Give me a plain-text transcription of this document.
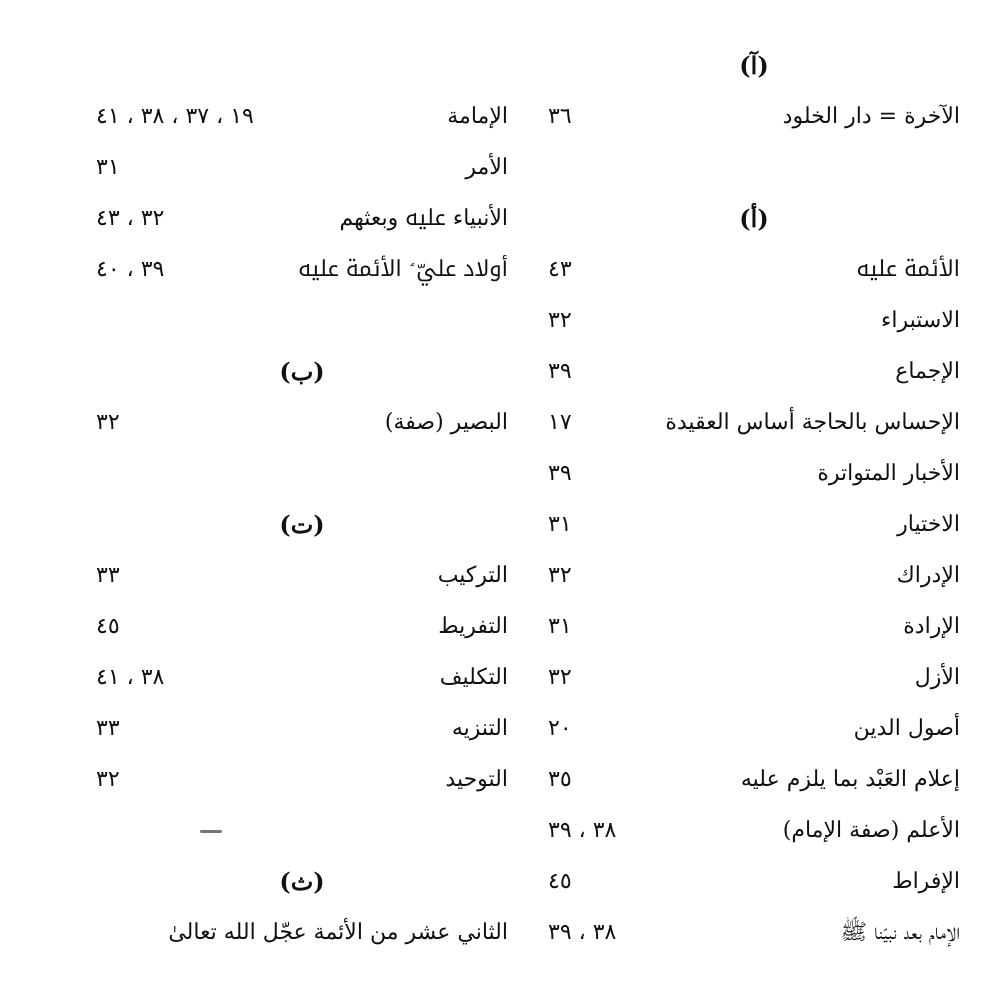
(آ)
الآخرة = دار الخلود
٣٦
(أ)
الأئمة ﷷ
٤٣
الاستبراء
٣٢
الإجماع
٣٩
الإحساس بالحاجة أساس العقيدة
١٧
الأخبار المتواترة
٣٩
الاختيار
٣١
الإدراك
٣٢
الإرادة
٣١
الأزل
٣٢
أصول الدين
٢٠
إعلام العَبْد بما يلزم عليه
٣٥
الأعلم (صفة الإمام)
٣٨ ، ٣٩
الإفراط
٤٥
الإمام بعد نبيّنا ﷺ
٣٨ ، ٣٩
الإمامة
١٩ ، ٣٧ ، ٣٨ ، ٤١
الأمر
٣١
الأنبياء ﷷ وبعثهم
٣٢ ، ٤٣
أولاد عليّ ؑ الأئمة ﷷ
٣٩ ، ٤٠
(ب)
البصير (صفة)
٣٢
(ت)
التركيب
٣٣
التفريط
٤٥
التكليف
٣٨ ، ٤١
التنزيه
٣٣
التوحيد
٣٢
(ث)
الثاني عشر من الأئمة عجّل الله تعالىٰ
